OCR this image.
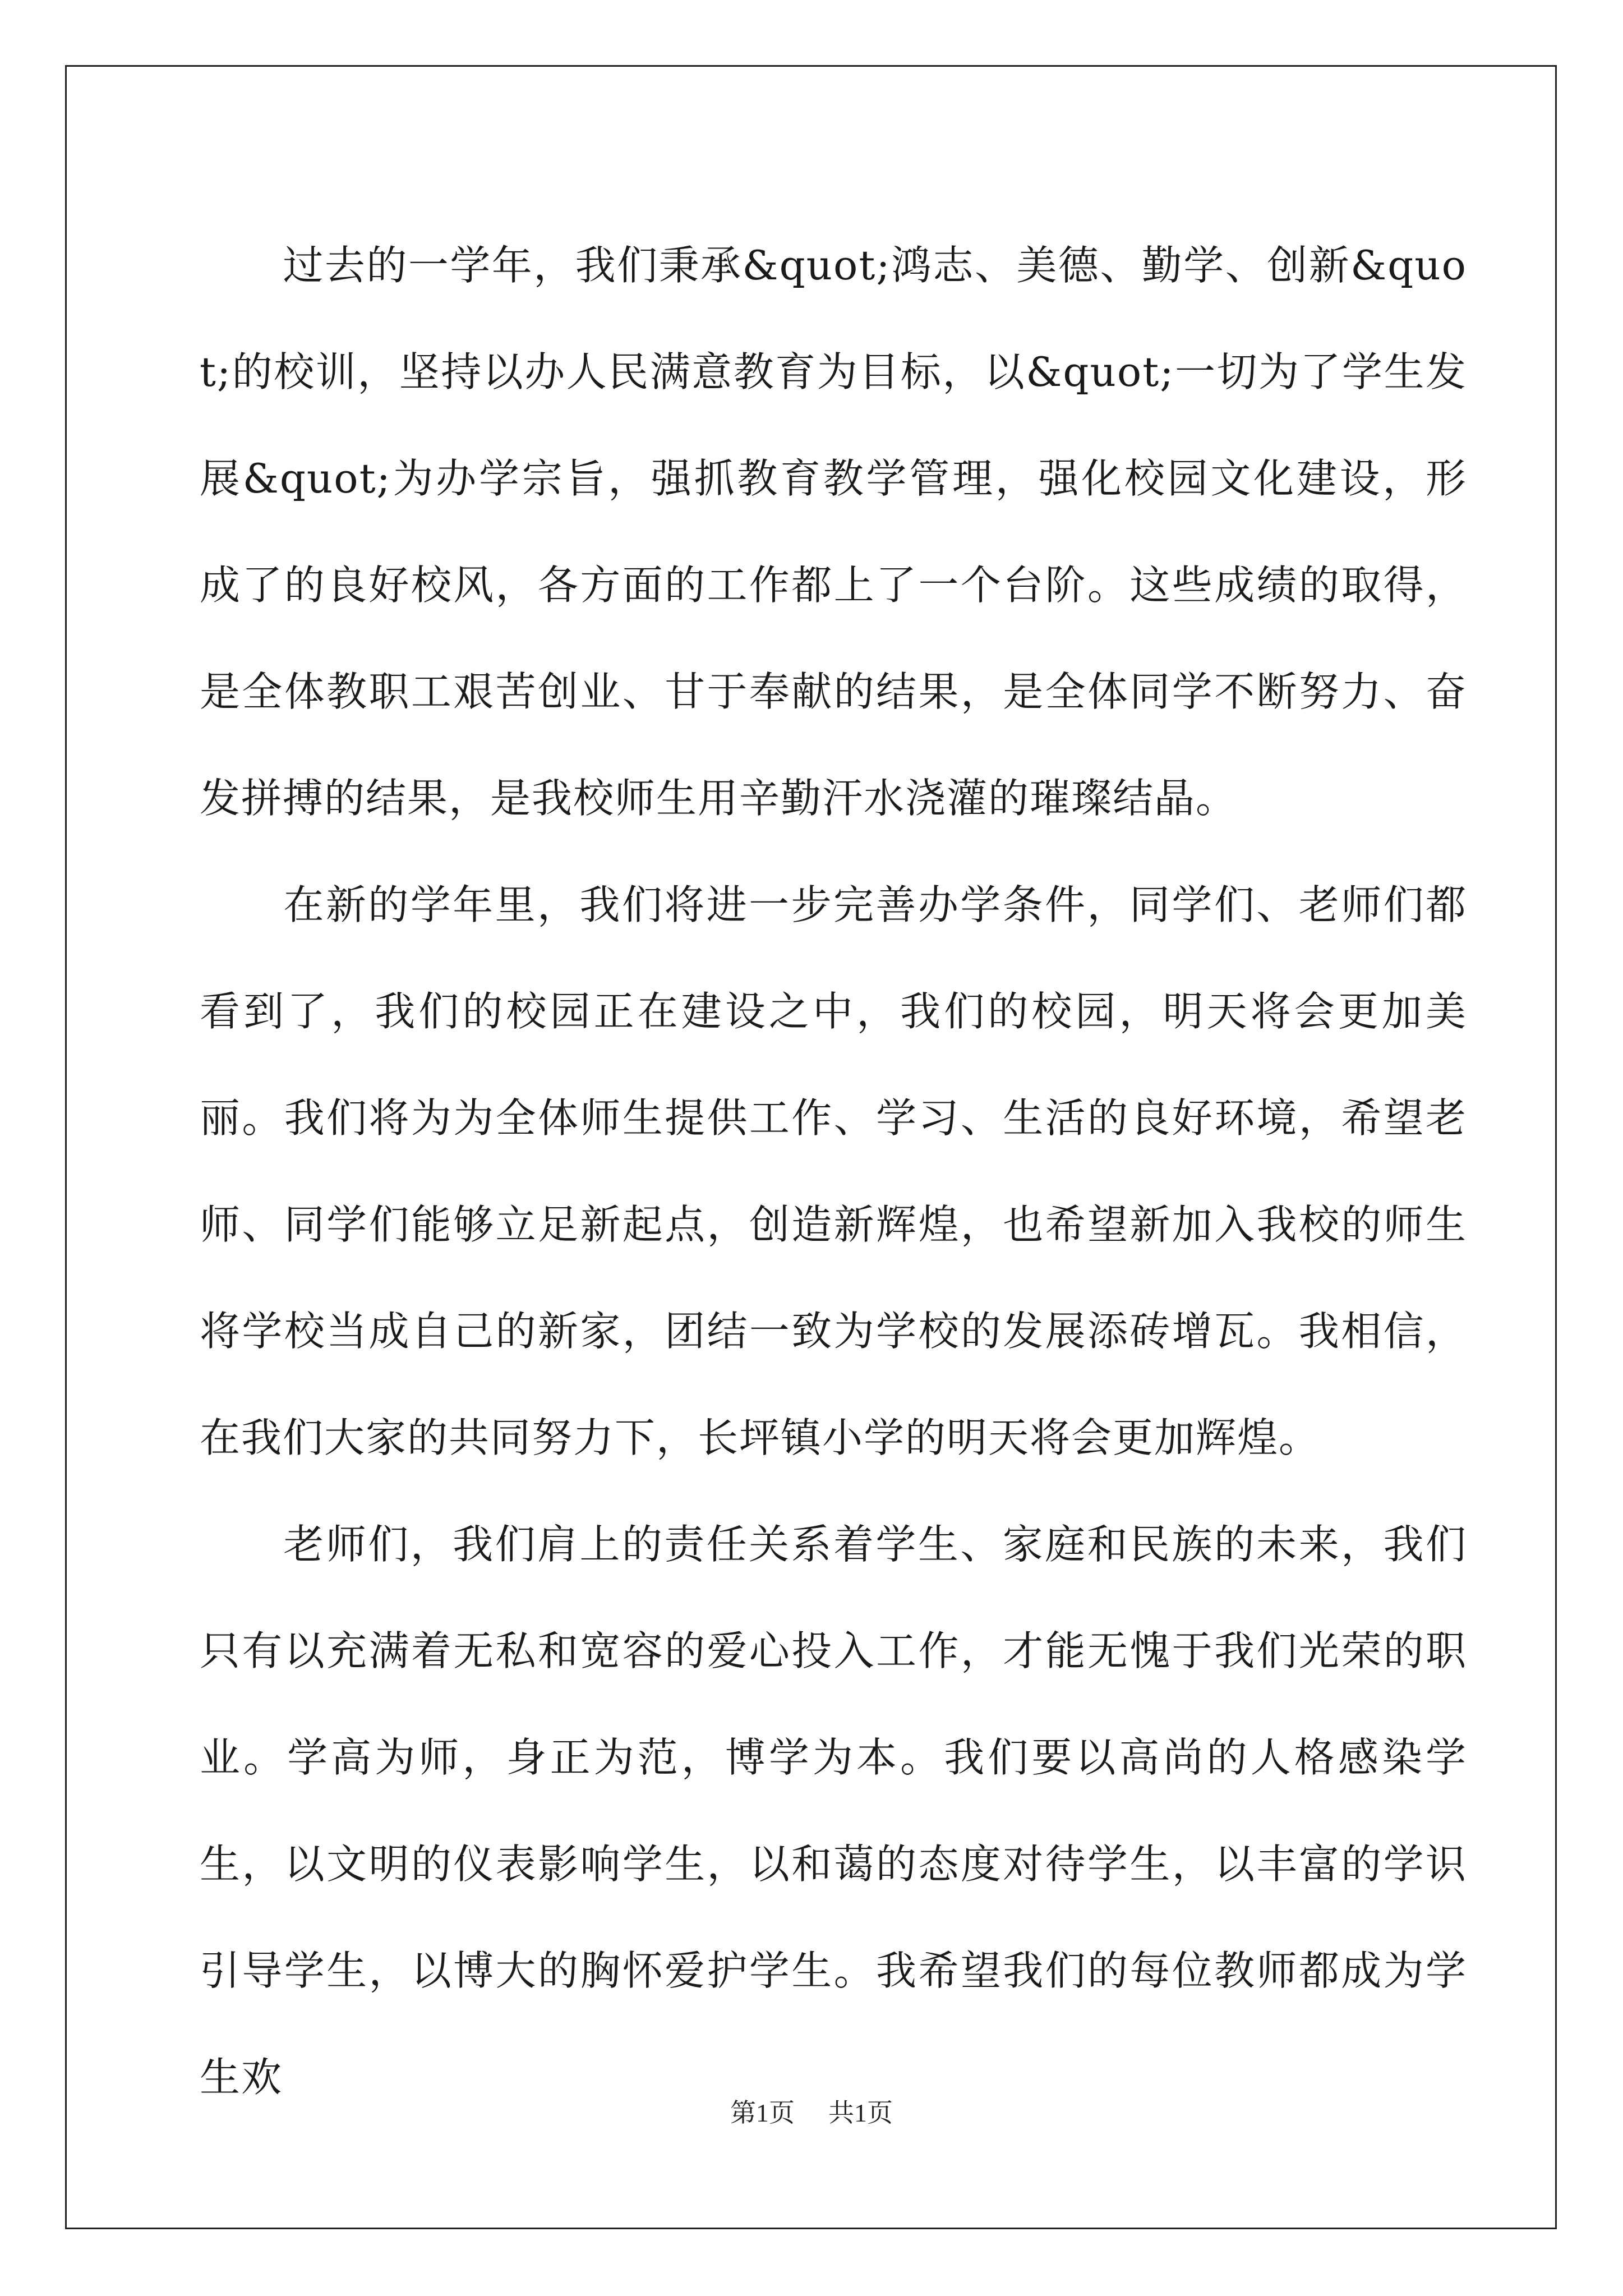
过去的一学年，我们秉承&quot;鸿志、美德、勤学、创新&quot;的校训，坚持以办人民满意教育为目标，以&quot;一切为了学生发展&quot;为办学宗旨，强抓教育教学管理，强化校园文化建设，形成了的良好校风，各方面的工作都上了一个台阶。这些成绩的取得，是全体教职工艰苦创业、甘于奉献的结果，是全体同学不断努力、奋发拼搏的结果，是我校师生用辛勤汗水浇灌的璀璨结晶。

在新的学年里，我们将进一步完善办学条件，同学们、老师们都看到了，我们的校园正在建设之中，我们的校园，明天将会更加美丽。我们将为为全体师生提供工作、学习、生活的良好环境，希望老师、同学们能够立足新起点，创造新辉煌，也希望新加入我校的师生将学校当成自己的新家，团结一致为学校的发展添砖增瓦。我相信，在我们大家的共同努力下，长坪镇小学的明天将会更加辉煌。

老师们，我们肩上的责任关系着学生、家庭和民族的未来，我们只有以充满着无私和宽容的爱心投入工作，才能无愧于我们光荣的职业。学高为师，身正为范，博学为本。我们要以高尚的人格感染学生，以文明的仪表影响学生，以和蔼的态度对待学生，以丰富的学识引导学生，以博大的胸怀爱护学生。我希望我们的每位教师都成为学生欢

第1页 共1页
